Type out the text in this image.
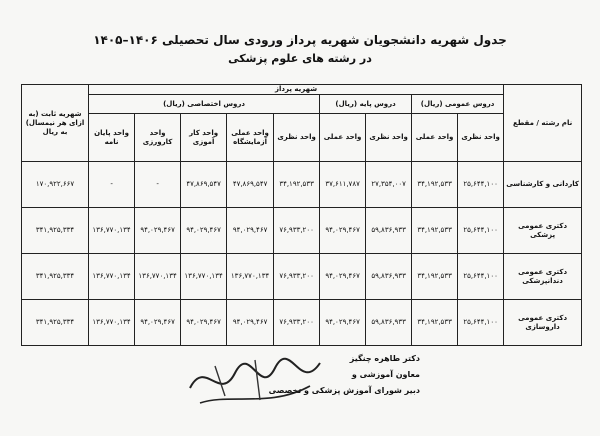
جدول شهریه دانشجویان شهریه پرداز ورودی سال تحصیلی ۱۴۰۶–۱۴۰۵
در رشته های علوم پزشکی
نام رشته / مقطع	شهریه پرداز									شهریه ثابت (به ازای هر نیمسال) به ریال
	دروس عمومی (ریال)		دروس پایه (ریال)		دروس اختصاصی (ریال)					
	واحد نظری	واحد عملی	واحد نظری	واحد عملی	واحد نظری	واحد عملی آزمایشگاه	واحد کار آموزی	واحد کارورزی	واحد پایان نامه	
کاردانی و کارشناسی	۲۵,۶۴۴,۱۰۰	۳۴,۱۹۲,۵۳۳	۲۷,۳۵۴,۰۰۷	۳۷,۶۱۱,۷۸۷	۳۴,۱۹۲,۵۳۳	۴۷,۸۶۹,۵۴۷	۴۷,۸۶۹,۵۴۷	-	-	۱۷۰,۹۲۲,۶۶۷
دکتری عمومی پزشکی	۲۵,۶۴۴,۱۰۰	۳۴,۱۹۲,۵۳۳	۵۹,۸۳۶,۹۳۳	۹۴,۰۲۹,۴۶۷	۷۶,۹۳۳,۲۰۰	۹۴,۰۲۹,۴۶۷	۹۴,۰۲۹,۴۶۷	۹۴,۰۲۹,۴۶۷	۱۳۶,۷۷۰,۱۳۴	۳۴۱,۹۲۵,۳۳۴
دکتری عمومی دندانپزشکی	۲۵,۶۴۴,۱۰۰	۳۴,۱۹۲,۵۳۳	۵۹,۸۳۶,۹۳۳	۹۴,۰۲۹,۴۶۷	۷۶,۹۳۳,۲۰۰	۱۳۶,۷۷۰,۱۳۴	۱۳۶,۷۷۰,۱۳۴	۱۳۶,۷۷۰,۱۳۴	۱۳۶,۷۷۰,۱۳۴	۳۴۱,۹۲۵,۳۳۴
دکتری عمومی داروسازی	۲۵,۶۴۴,۱۰۰	۳۴,۱۹۲,۵۳۳	۵۹,۸۳۶,۹۳۳	۹۴,۰۲۹,۴۶۷	۷۶,۹۳۳,۲۰۰	۹۴,۰۲۹,۴۶۷	۹۴,۰۲۹,۴۶۷	۹۴,۰۲۹,۴۶۷	۱۳۶,۷۷۰,۱۳۴	۳۴۱,۹۲۵,۳۳۴
دکتر طاهره چنگیز
معاون آموزشی و
دبیر شورای آموزش پزشکی و تخصصی
